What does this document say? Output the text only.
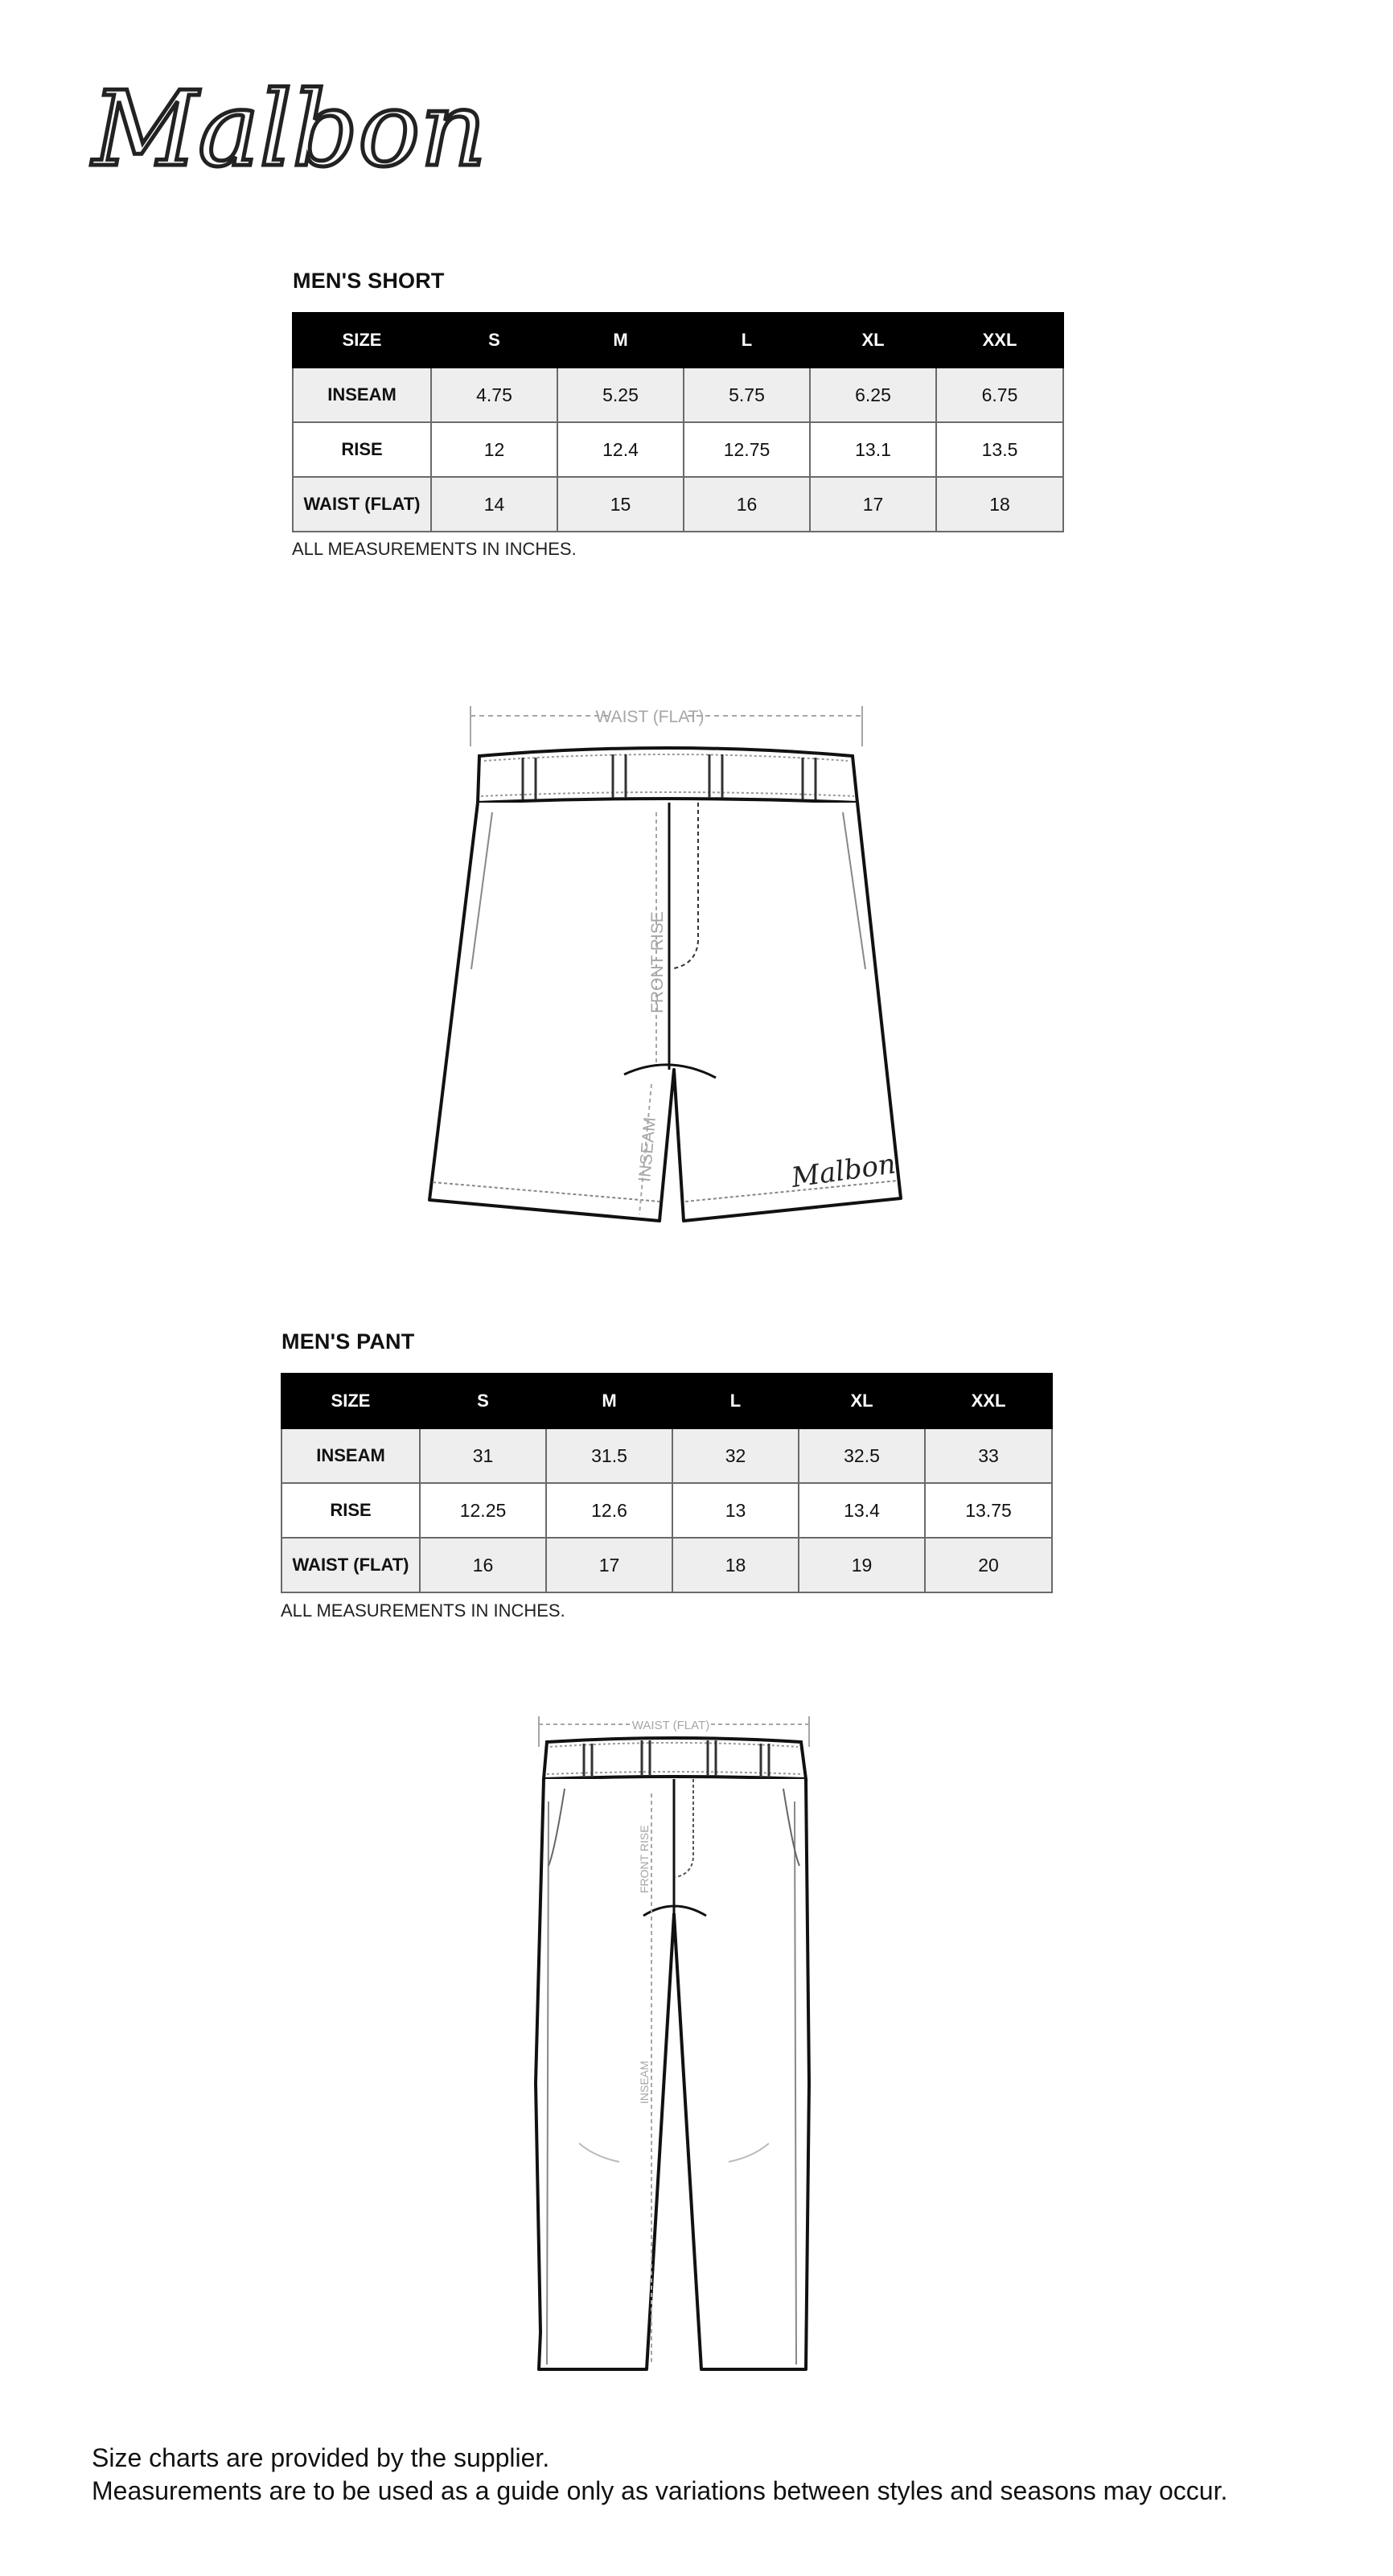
Malbon
MEN'S SHORT
SIZE	S	M	L	XL	XXL
INSEAM	4.75	5.25	5.75	6.25	6.75
RISE	12	12.4	12.75	13.1	13.5
WAIST (FLAT)	14	15	16	17	18
ALL MEASUREMENTS IN INCHES.
WAIST (FLAT)
FRONT RISE
INSEAM	Malbon
MEN'S PANT
SIZE	S	M	L	XL	XXL
INSEAM	31	31.5	32	32.5	33
RISE	12.25	12.6	13	13.4	13.75
WAIST (FLAT)	16	17	18	19	20
ALL MEASUREMENTS IN INCHES.
WAIST (FLAT)
FRONT RISE
INSEAM
Size charts are provided by the supplier.
Measurements are to be used as a guide only as variations between styles and seasons may occur.
